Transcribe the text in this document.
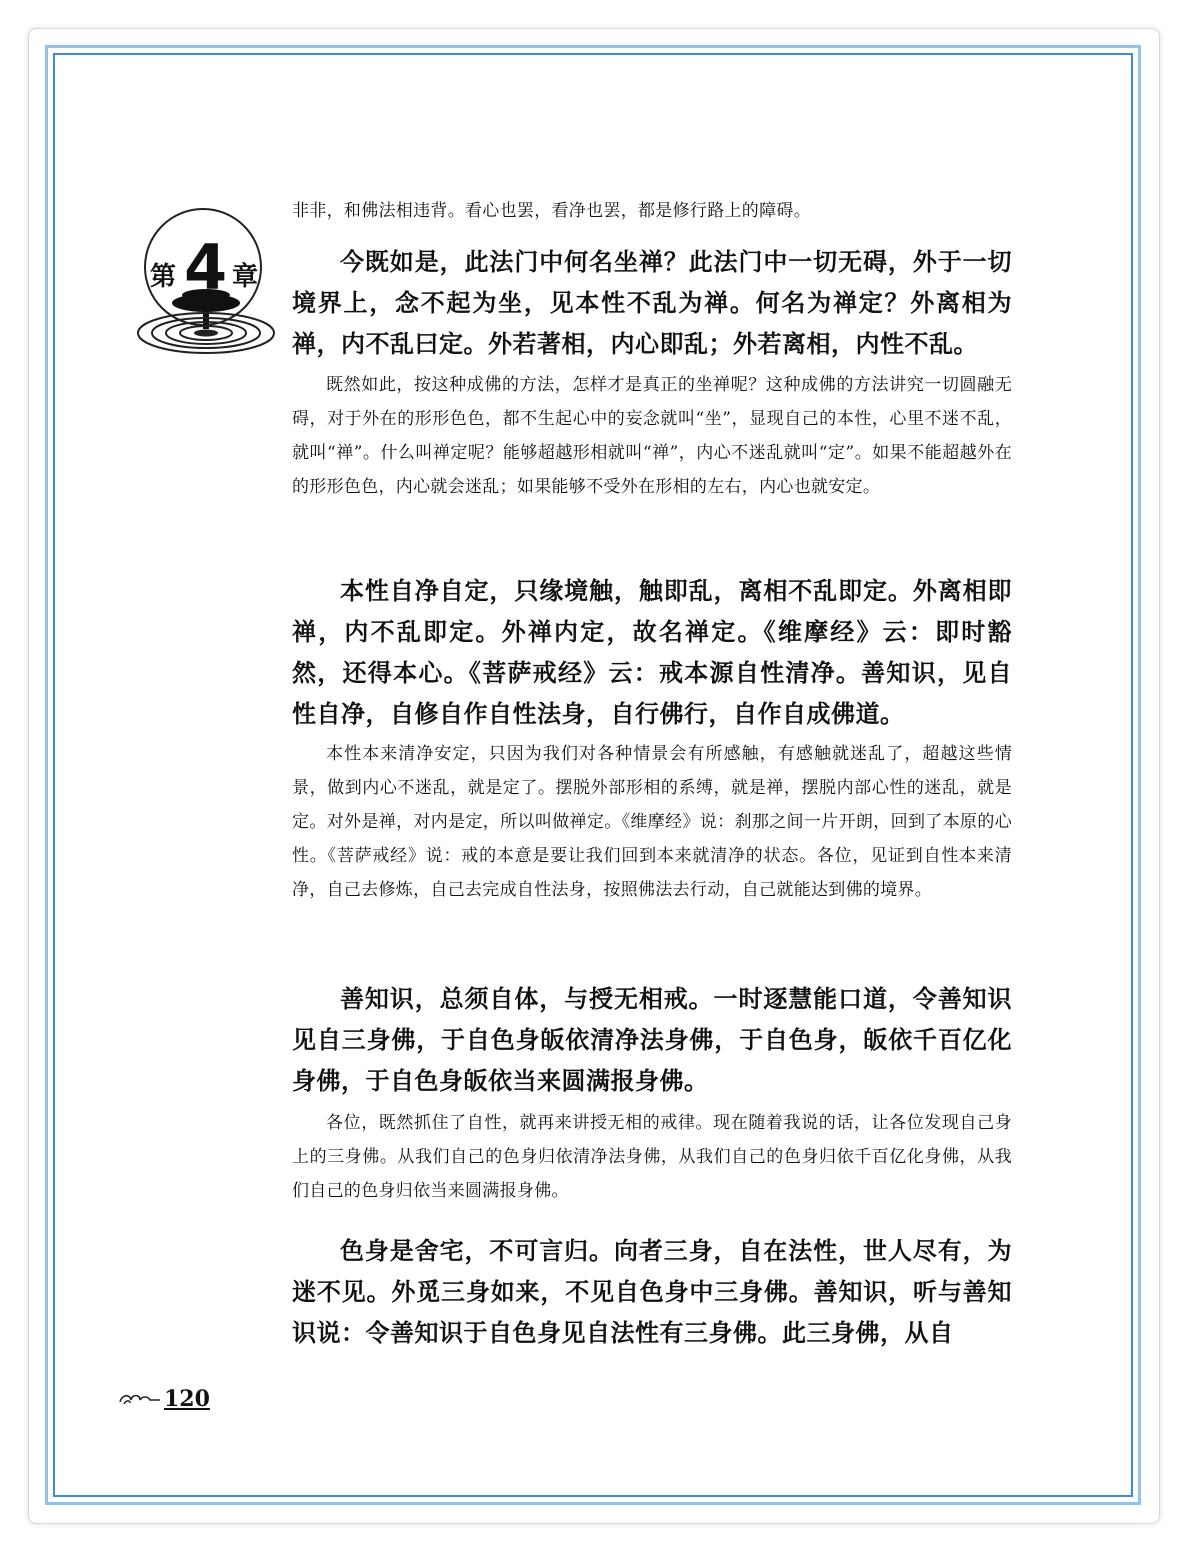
第 4 章

非非，和佛法相违背。看心也罢，看净也罢，都是修行路上的障碍。

今既如是，此法门中何名坐禅？此法门中一切无碍，外于一切境界上，念不起为坐，见本性不乱为禅。何名为禅定？外离相为禅，内不乱曰定。外若著相，内心即乱；外若离相，内性不乱。

既然如此，按这种成佛的方法，怎样才是真正的坐禅呢？这种成佛的方法讲究一切圆融无碍，对于外在的形形色色，都不生起心中的妄念就叫“坐”，显现自己的本性，心里不迷不乱，就叫“禅”。什么叫禅定呢？能够超越形相就叫“禅”，内心不迷乱就叫“定”。如果不能超越外在的形形色色，内心就会迷乱；如果能够不受外在形相的左右，内心也就安定。

本性自净自定，只缘境触，触即乱，离相不乱即定。外离相即禅，内不乱即定。外禅内定，故名禅定。《维摩经》云：即时豁然，还得本心。《菩萨戒经》云：戒本源自性清净。善知识，见自性自净，自修自作自性法身，自行佛行，自作自成佛道。

本性本来清净安定，只因为我们对各种情景会有所感触，有感触就迷乱了，超越这些情景，做到内心不迷乱，就是定了。摆脱外部形相的系缚，就是禅，摆脱内部心性的迷乱，就是定。对外是禅，对内是定，所以叫做禅定。《维摩经》说：刹那之间一片开朗，回到了本原的心性。《菩萨戒经》说：戒的本意是要让我们回到本来就清净的状态。各位，见证到自性本来清净，自己去修炼，自己去完成自性法身，按照佛法去行动，自己就能达到佛的境界。

善知识，总须自体，与授无相戒。一时逐慧能口道，令善知识见自三身佛，于自色身皈依清净法身佛，于自色身，皈依千百亿化身佛，于自色身皈依当来圆满报身佛。

各位，既然抓住了自性，就再来讲授无相的戒律。现在随着我说的话，让各位发现自己身上的三身佛。从我们自己的色身归依清净法身佛，从我们自己的色身归依千百亿化身佛，从我们自己的色身归依当来圆满报身佛。

色身是舍宅，不可言归。向者三身，自在法性，世人尽有，为迷不见。外觅三身如来，不见自色身中三身佛。善知识，听与善知识说：令善知识于自色身见自法性有三身佛。此三身佛，从自

120
